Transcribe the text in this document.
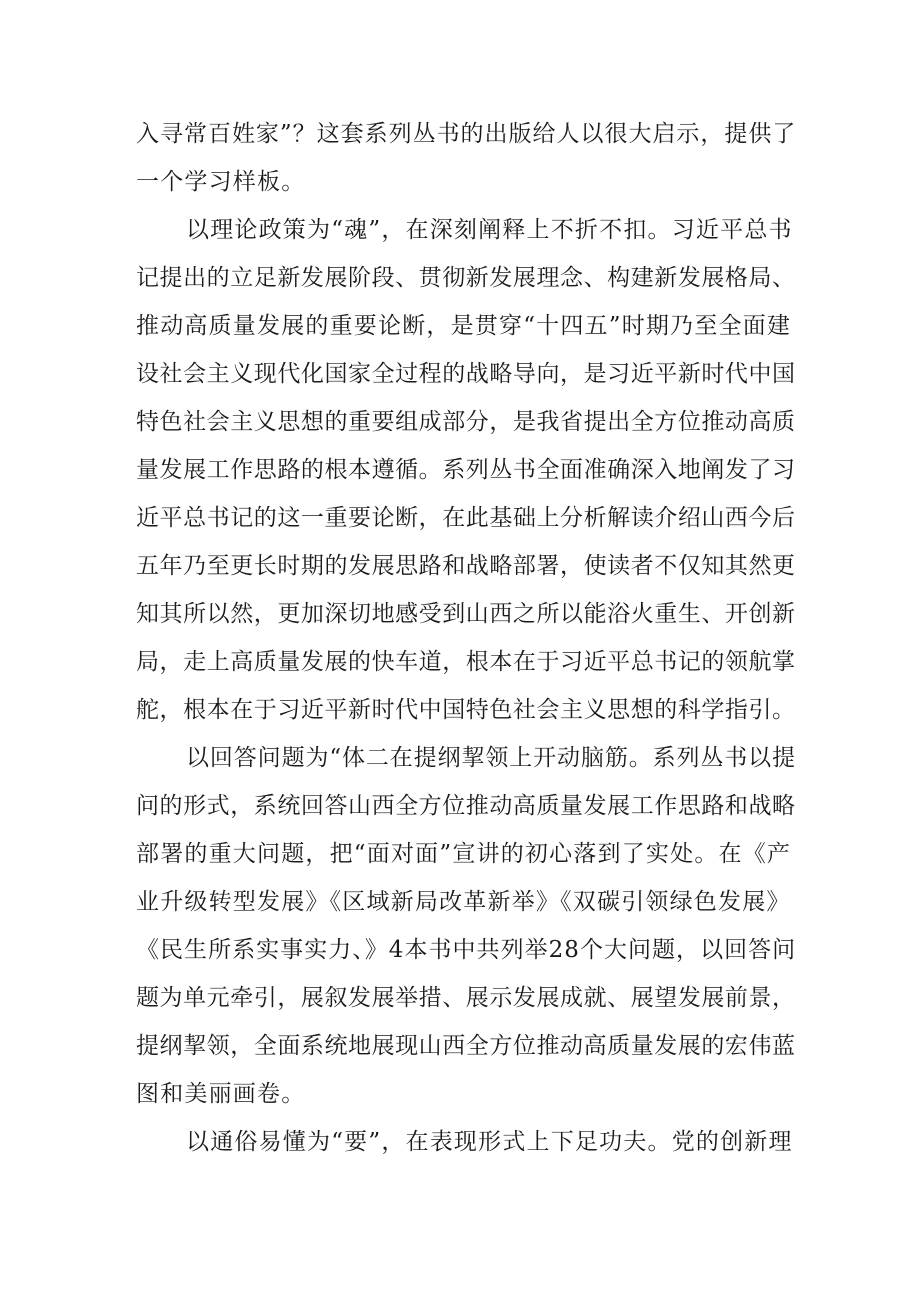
入寻常百姓家”？这套系列丛书的出版给人以很大启示，提供了
一个学习样板。
以理论政策为“魂”，在深刻阐释上不折不扣。习近平总书
记提出的立足新发展阶段、贯彻新发展理念、构建新发展格局、
推动高质量发展的重要论断，是贯穿“十四五”时期乃至全面建
设社会主义现代化国家全过程的战略导向，是习近平新时代中国
特色社会主义思想的重要组成部分，是我省提出全方位推动高质
量发展工作思路的根本遵循。系列丛书全面准确深入地阐发了习
近平总书记的这一重要论断，在此基础上分析解读介绍山西今后
五年乃至更长时期的发展思路和战略部署，使读者不仅知其然更
知其所以然，更加深切地感受到山西之所以能浴火重生、开创新
局，走上高质量发展的快车道，根本在于习近平总书记的领航掌
舵，根本在于习近平新时代中国特色社会主义思想的科学指引。
以回答问题为“体二在提纲挈领上开动脑筋。系列丛书以提
问的形式，系统回答山西全方位推动高质量发展工作思路和战略
部署的重大问题，把“面对面”宣讲的初心落到了实处。在《产
业升级转型发展》《区域新局改革新举》《双碳引领绿色发展》
《民生所系实事实力、》4本书中共列举28个大问题，以回答问
题为单元牵引，展叙发展举措、展示发展成就、展望发展前景，
提纲挈领，全面系统地展现山西全方位推动高质量发展的宏伟蓝
图和美丽画卷。
以通俗易懂为“要”，在表现形式上下足功夫。党的创新理
